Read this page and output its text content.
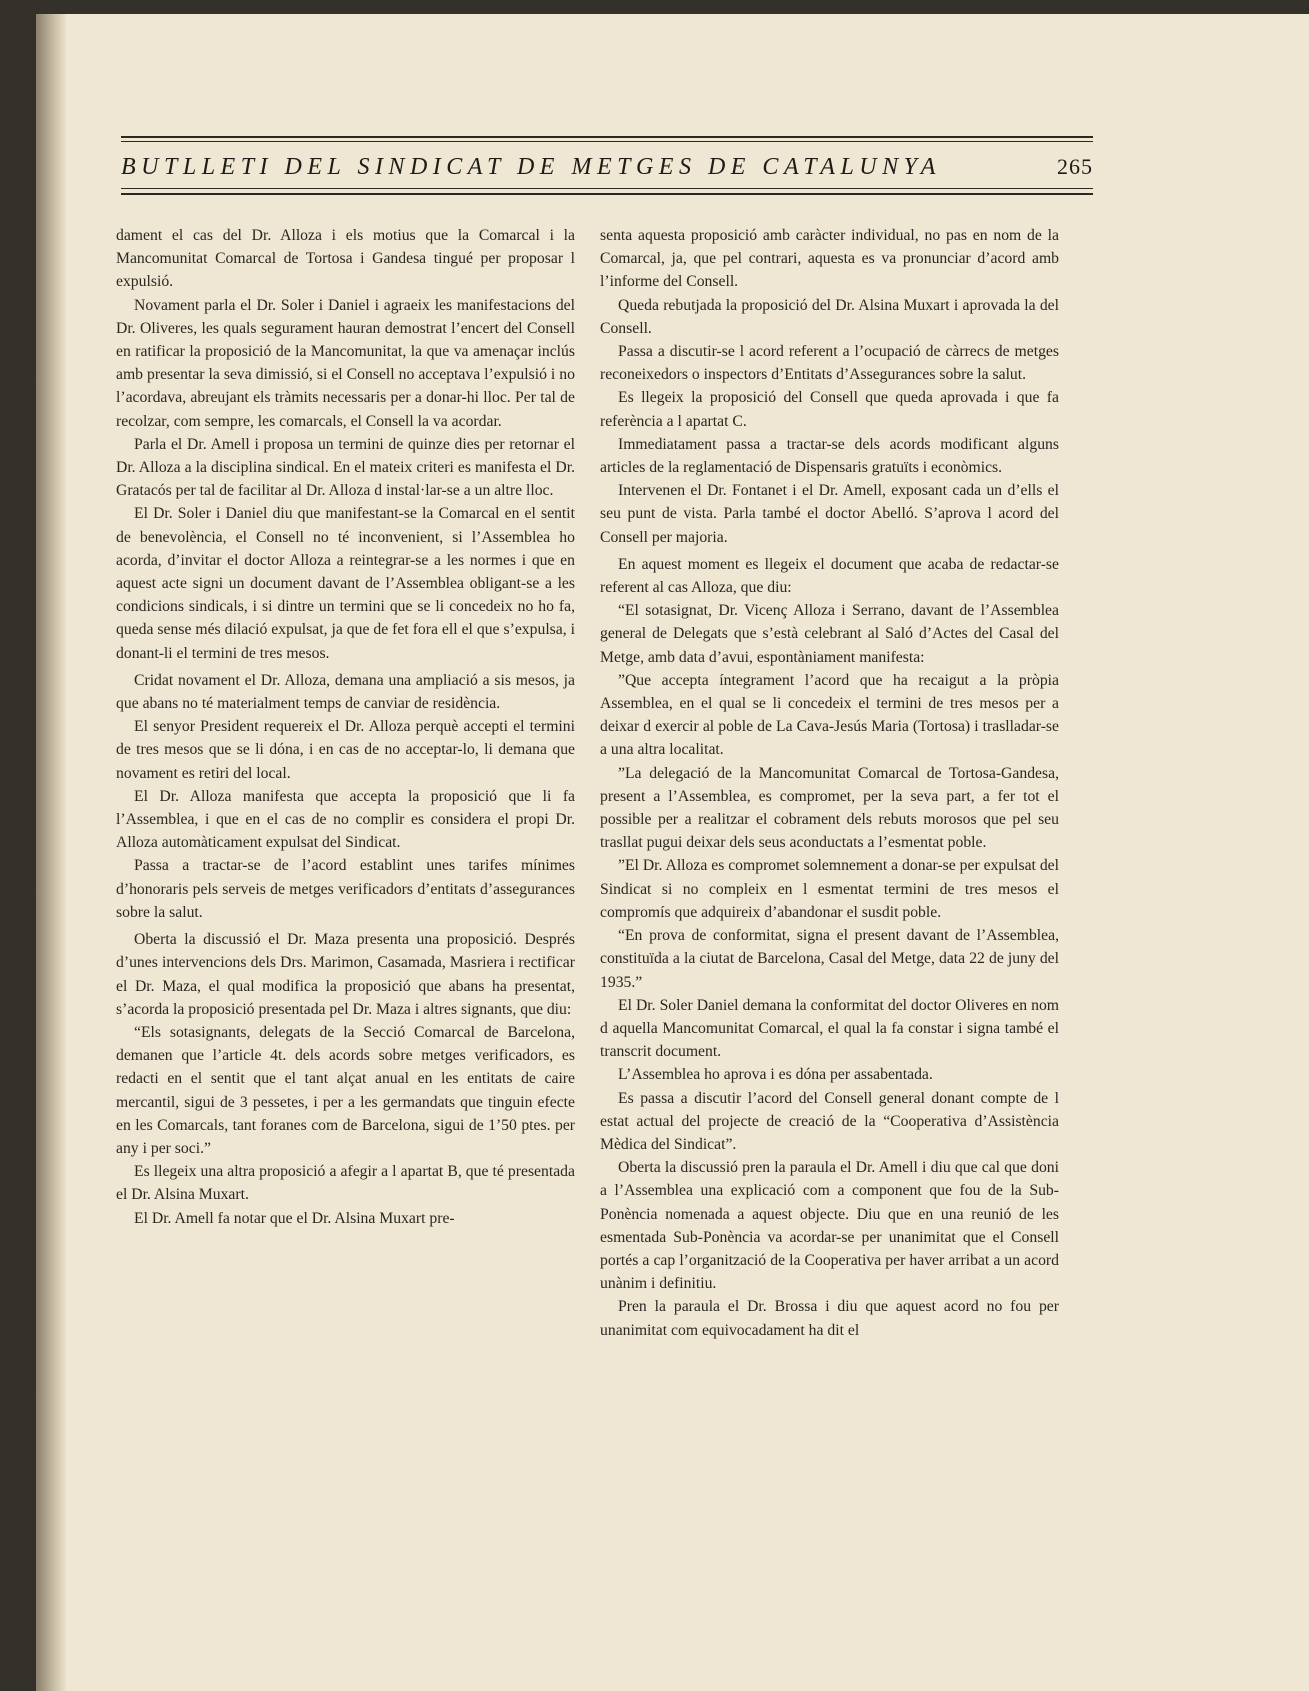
BUTLLETI DEL SINDICAT DE METGES DE CATALUNYA	265

dament el cas del Dr. Alloza i els motius que la Comarcal i la Mancomunitat Comarcal de Tortosa i Gandesa tingué per proposar l expulsió.

Novament parla el Dr. Soler i Daniel i agraeix les manifestacions del Dr. Oliveres, les quals segurament hauran demostrat l’encert del Consell en ratificar la proposició de la Mancomunitat, la que va amenaçar inclús amb presentar la seva dimissió, si el Consell no acceptava l’expulsió i no l’acordava, abreujant els tràmits necessaris per a donar-hi lloc. Per tal de recolzar, com sempre, les comarcals, el Consell la va acordar.

Parla el Dr. Amell i proposa un termini de quinze dies per retornar el Dr. Alloza a la disciplina sindical. En el mateix criteri es manifesta el Dr. Gratacós per tal de facilitar al Dr. Alloza d instal·lar-se a un altre lloc.

El Dr. Soler i Daniel diu que manifestant-se la Comarcal en el sentit de benevolència, el Consell no té inconvenient, si l’Assemblea ho acorda, d’invitar el doctor Alloza a reintegrar-se a les normes i que en aquest acte signi un document davant de l’Assemblea obligant-se a les condicions sindicals, i si dintre un termini que se li concedeix no ho fa, queda sense més dilació expulsat, ja que de fet fora ell el que s’expulsa, i donant-li el termini de tres mesos.

Cridat novament el Dr. Alloza, demana una ampliació a sis mesos, ja que abans no té materialment temps de canviar de residència.

El senyor President requereix el Dr. Alloza perquè accepti el termini de tres mesos que se li dóna, i en cas de no acceptar-lo, li demana que novament es retiri del local.

El Dr. Alloza manifesta que accepta la proposició que li fa l’Assemblea, i que en el cas de no complir es considera el propi Dr. Alloza automàticament expulsat del Sindicat.

Passa a tractar-se de l’acord establint unes tarifes mínimes d’honoraris pels serveis de metges verificadors d’entitats d’assegurances sobre la salut.

Oberta la discussió el Dr. Maza presenta una proposició. Després d’unes intervencions dels Drs. Marimon, Casamada, Masriera i rectificar el Dr. Maza, el qual modifica la proposició que abans ha presentat, s’acorda la proposició presentada pel Dr. Maza i altres signants, que diu:

“Els sotasignants, delegats de la Secció Comarcal de Barcelona, demanen que l’article 4t. dels acords sobre metges verificadors, es redacti en el sentit que el tant alçat anual en les entitats de caire mercantil, sigui de 3 pessetes, i per a les germandats que tinguin efecte en les Comarcals, tant foranes com de Barcelona, sigui de 1’50 ptes. per any i per soci.”

Es llegeix una altra proposició a afegir a l apartat B, que té presentada el Dr. Alsina Muxart.

El Dr. Amell fa notar que el Dr. Alsina Muxart pre-

senta aquesta proposició amb caràcter individual, no pas en nom de la Comarcal, ja, que pel contrari, aquesta es va pronunciar d’acord amb l’informe del Consell.

Queda rebutjada la proposició del Dr. Alsina Muxart i aprovada la del Consell.

Passa a discutir-se l acord referent a l’ocupació de càrrecs de metges reconeixedors o inspectors d’Entitats d’Assegurances sobre la salut.

Es llegeix la proposició del Consell que queda aprovada i que fa referència a l apartat C.

Immediatament passa a tractar-se dels acords modificant alguns articles de la reglamentació de Dispensaris gratuïts i econòmics.

Intervenen el Dr. Fontanet i el Dr. Amell, exposant cada un d’ells el seu punt de vista. Parla també el doctor Abelló. S’aprova l acord del Consell per majoria.

En aquest moment es llegeix el document que acaba de redactar-se referent al cas Alloza, que diu:

“El sotasignat, Dr. Vicenç Alloza i Serrano, davant de l’Assemblea general de Delegats que s’està celebrant al Saló d’Actes del Casal del Metge, amb data d’avui, espontàniament manifesta:

”Que accepta íntegrament l’acord que ha recaigut a la pròpia Assemblea, en el qual se li concedeix el termini de tres mesos per a deixar d exercir al poble de La Cava-Jesús Maria (Tortosa) i traslladar-se a una altra localitat.

”La delegació de la Mancomunitat Comarcal de Tortosa-Gandesa, present a l’Assemblea, es compromet, per la seva part, a fer tot el possible per a realitzar el cobrament dels rebuts morosos que pel seu trasllat pugui deixar dels seus aconductats a l’esmentat poble.

”El Dr. Alloza es compromet solemnement a donar-se per expulsat del Sindicat si no compleix en l esmentat termini de tres mesos el compromís que adquireix d’abandonar el susdit poble.

“En prova de conformitat, signa el present davant de l’Assemblea, constituïda a la ciutat de Barcelona, Casal del Metge, data 22 de juny del 1935.”

El Dr. Soler Daniel demana la conformitat del doctor Oliveres en nom d aquella Mancomunitat Comarcal, el qual la fa constar i signa també el transcrit document.

L’Assemblea ho aprova i es dóna per assabentada.

Es passa a discutir l’acord del Consell general donant compte de l estat actual del projecte de creació de la “Cooperativa d’Assistència Mèdica del Sindicat”.

Oberta la discussió pren la paraula el Dr. Amell i diu que cal que doni a l’Assemblea una explicació com a component que fou de la Sub-Ponència nomenada a aquest objecte. Diu que en una reunió de les esmentada Sub-Ponència va acordar-se per unanimitat que el Consell portés a cap l’organització de la Cooperativa per haver arribat a un acord unànim i definitiu.

Pren la paraula el Dr. Brossa i diu que aquest acord no fou per unanimitat com equivocadament ha dit el
